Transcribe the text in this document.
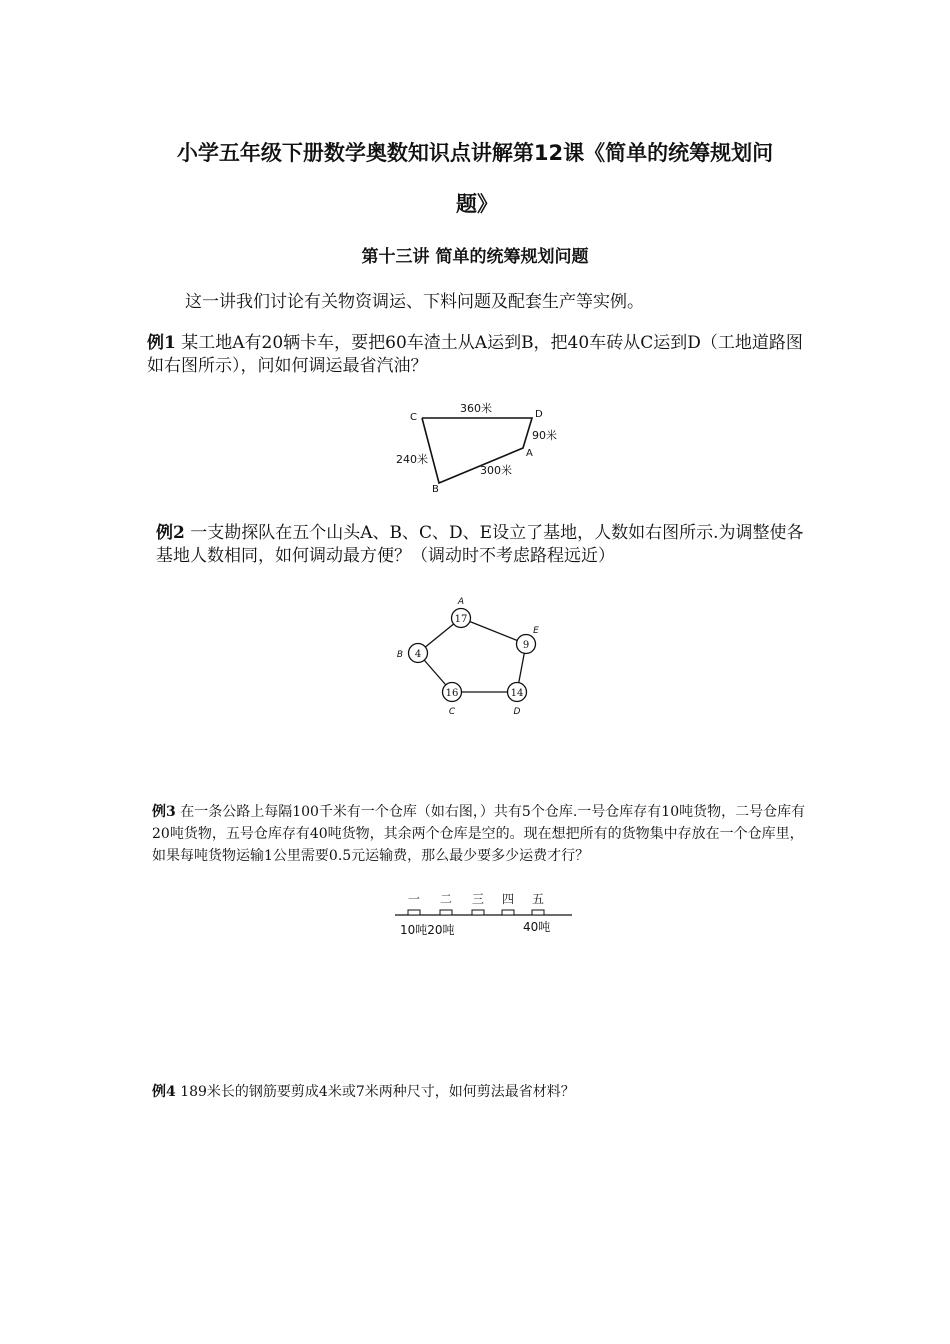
小学五年级下册数学奥数知识点讲解第12课《简单的统筹规划问
题》
第十三讲 简单的统筹规划问题
这一讲我们讨论有关物资调运、下料问题及配套生产等实例。
例1 某工地A有20辆卡车，要把60车渣土从A运到B，把40车砖从C运到D（工地道路图如右图所示），问如何调运最省汽油？
C	D
A
B
360米
90米
300米
240米
例2 一支勘探队在五个山头A、B、C、D、E设立了基地，人数如右图所示.为调整使各基地人数相同，如何调动最方便？（调动时不考虑路程远近）
17
9
14
16
4
A
E
D
C
B
例3 在一条公路上每隔100千米有一个仓库（如右图，）共有5个仓库.一号仓库存有10吨货物，二号仓库有20吨货物，五号仓库存有40吨货物，其余两个仓库是空的。现在想把所有的货物集中存放在一个仓库里，如果每吨货物运输1公里需要0.5元运输费，那么最少要多少运费才行？
一 二 三 四 五
10吨20吨	40吨
例4 189米长的钢筋要剪成4米或7米两种尺寸，如何剪法最省材料？
